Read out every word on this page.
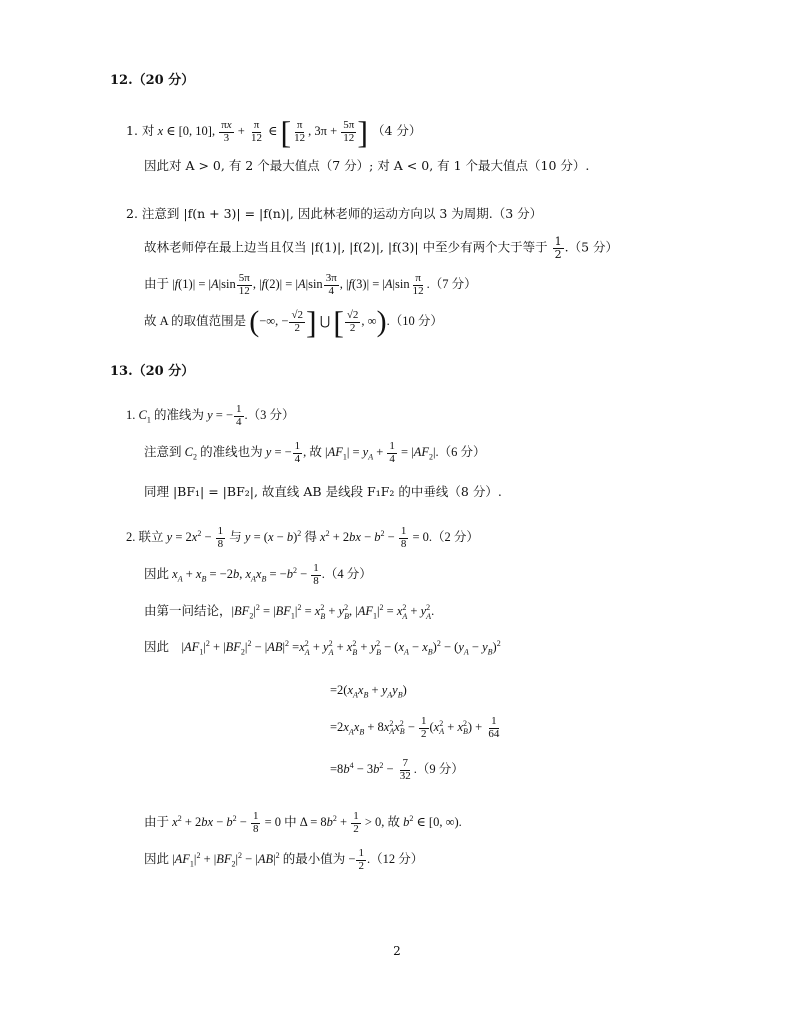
12.（20 分）
1. 对 x ∈ [0, 10], $\frac{\pi x}{3} + \frac{\pi}{12}$ ∈ [ $\frac{\pi}{12}$ , $3\pi + \frac{5\pi}{12}$ ] （4 分）
因此对 A > 0, 有 2 个最大值点（7 分）; 对 A < 0, 有 1 个最大值点（10 分）.
2. 注意到 |f(n + 3)| = |f(n)|, 因此林老师的运动方向以 3 为周期.（3 分）
故林老师停在最上边当且仅当 |f(1)|, |f(2)|, |f(3)| 中至少有两个大于等于 $\frac{1}{2} .(5$ 分）
由于 $|f(1)| = |A|\sin \frac{5\pi}{12}$ , $|f(2)| = |A|\sin \frac{3\pi}{4}$ , $|f(3)| = |A|\sin \frac{\pi}{12} .(7$ 分）
故 A 的取值范围是 (−∞, − $\frac{√2}{2}$ ] ⋃ [ $\frac{√2}{2}$ , ∞).（10 分）
13.（20 分）
1. $C_1$ 的准线为 y = − $\frac{1}{4} .(3$ 分）
注意到 $C_2$ 的准线也为 y = − $\frac{1}{4}$ , 故 $|AF_1| = y_A + \frac{1}{4} = |AF_2|.(6$ 分）
同理 |BF₁| = |BF₂|, 故直线 AB 是线段 F₁F₂ 的中垂线（8 分）.
2. 联立 $y = 2x^2 - \frac{1}{8}$ 与 $y = (x - b)^2$ 得 $x^2 + 2bx - b^2 - \frac{1}{8} = 0.(2$ 分）
因此 $x_A + x_B = -2b$, $x_Ax_B = -b^2 - \frac{1}{8} .(4$ 分）
由第一问结论，$|BF_2|^2 = |BF_1|^2 = x^2_B + y^2_B$, $|AF_1|^2 = x^2_A + y^2_A$.
因此    $|AF_1|^2 + |BF_2|^2 - |AB|^2 =x^2_A + y^2_A + x^2_B + y^2_B - (x_A - x_B)^2 - (y_A - y_B)^2$
$=2(x_Ax_B + y_Ay_B)$
$=2x_Ax_B + 8x^2_Ax^2_B - \frac{1}{2} (x^2_A + x^2_B) + \frac{1}{64}$
$=8b^4 - 3b^2 - \frac{7}{32} .(9$ 分）
由于 $x^2 + 2bx - b^2 - \frac{1}{8} = 0$ 中 $\Delta = 8b^2 + \frac{1}{2} > 0$, 故 $b^2$ ∈ [0, ∞).
因此 $|AF_1|^2 + |BF_2|^2 - |AB|^2$ 的最小值为 − $\frac{1}{2} .(12$ 分）
2
